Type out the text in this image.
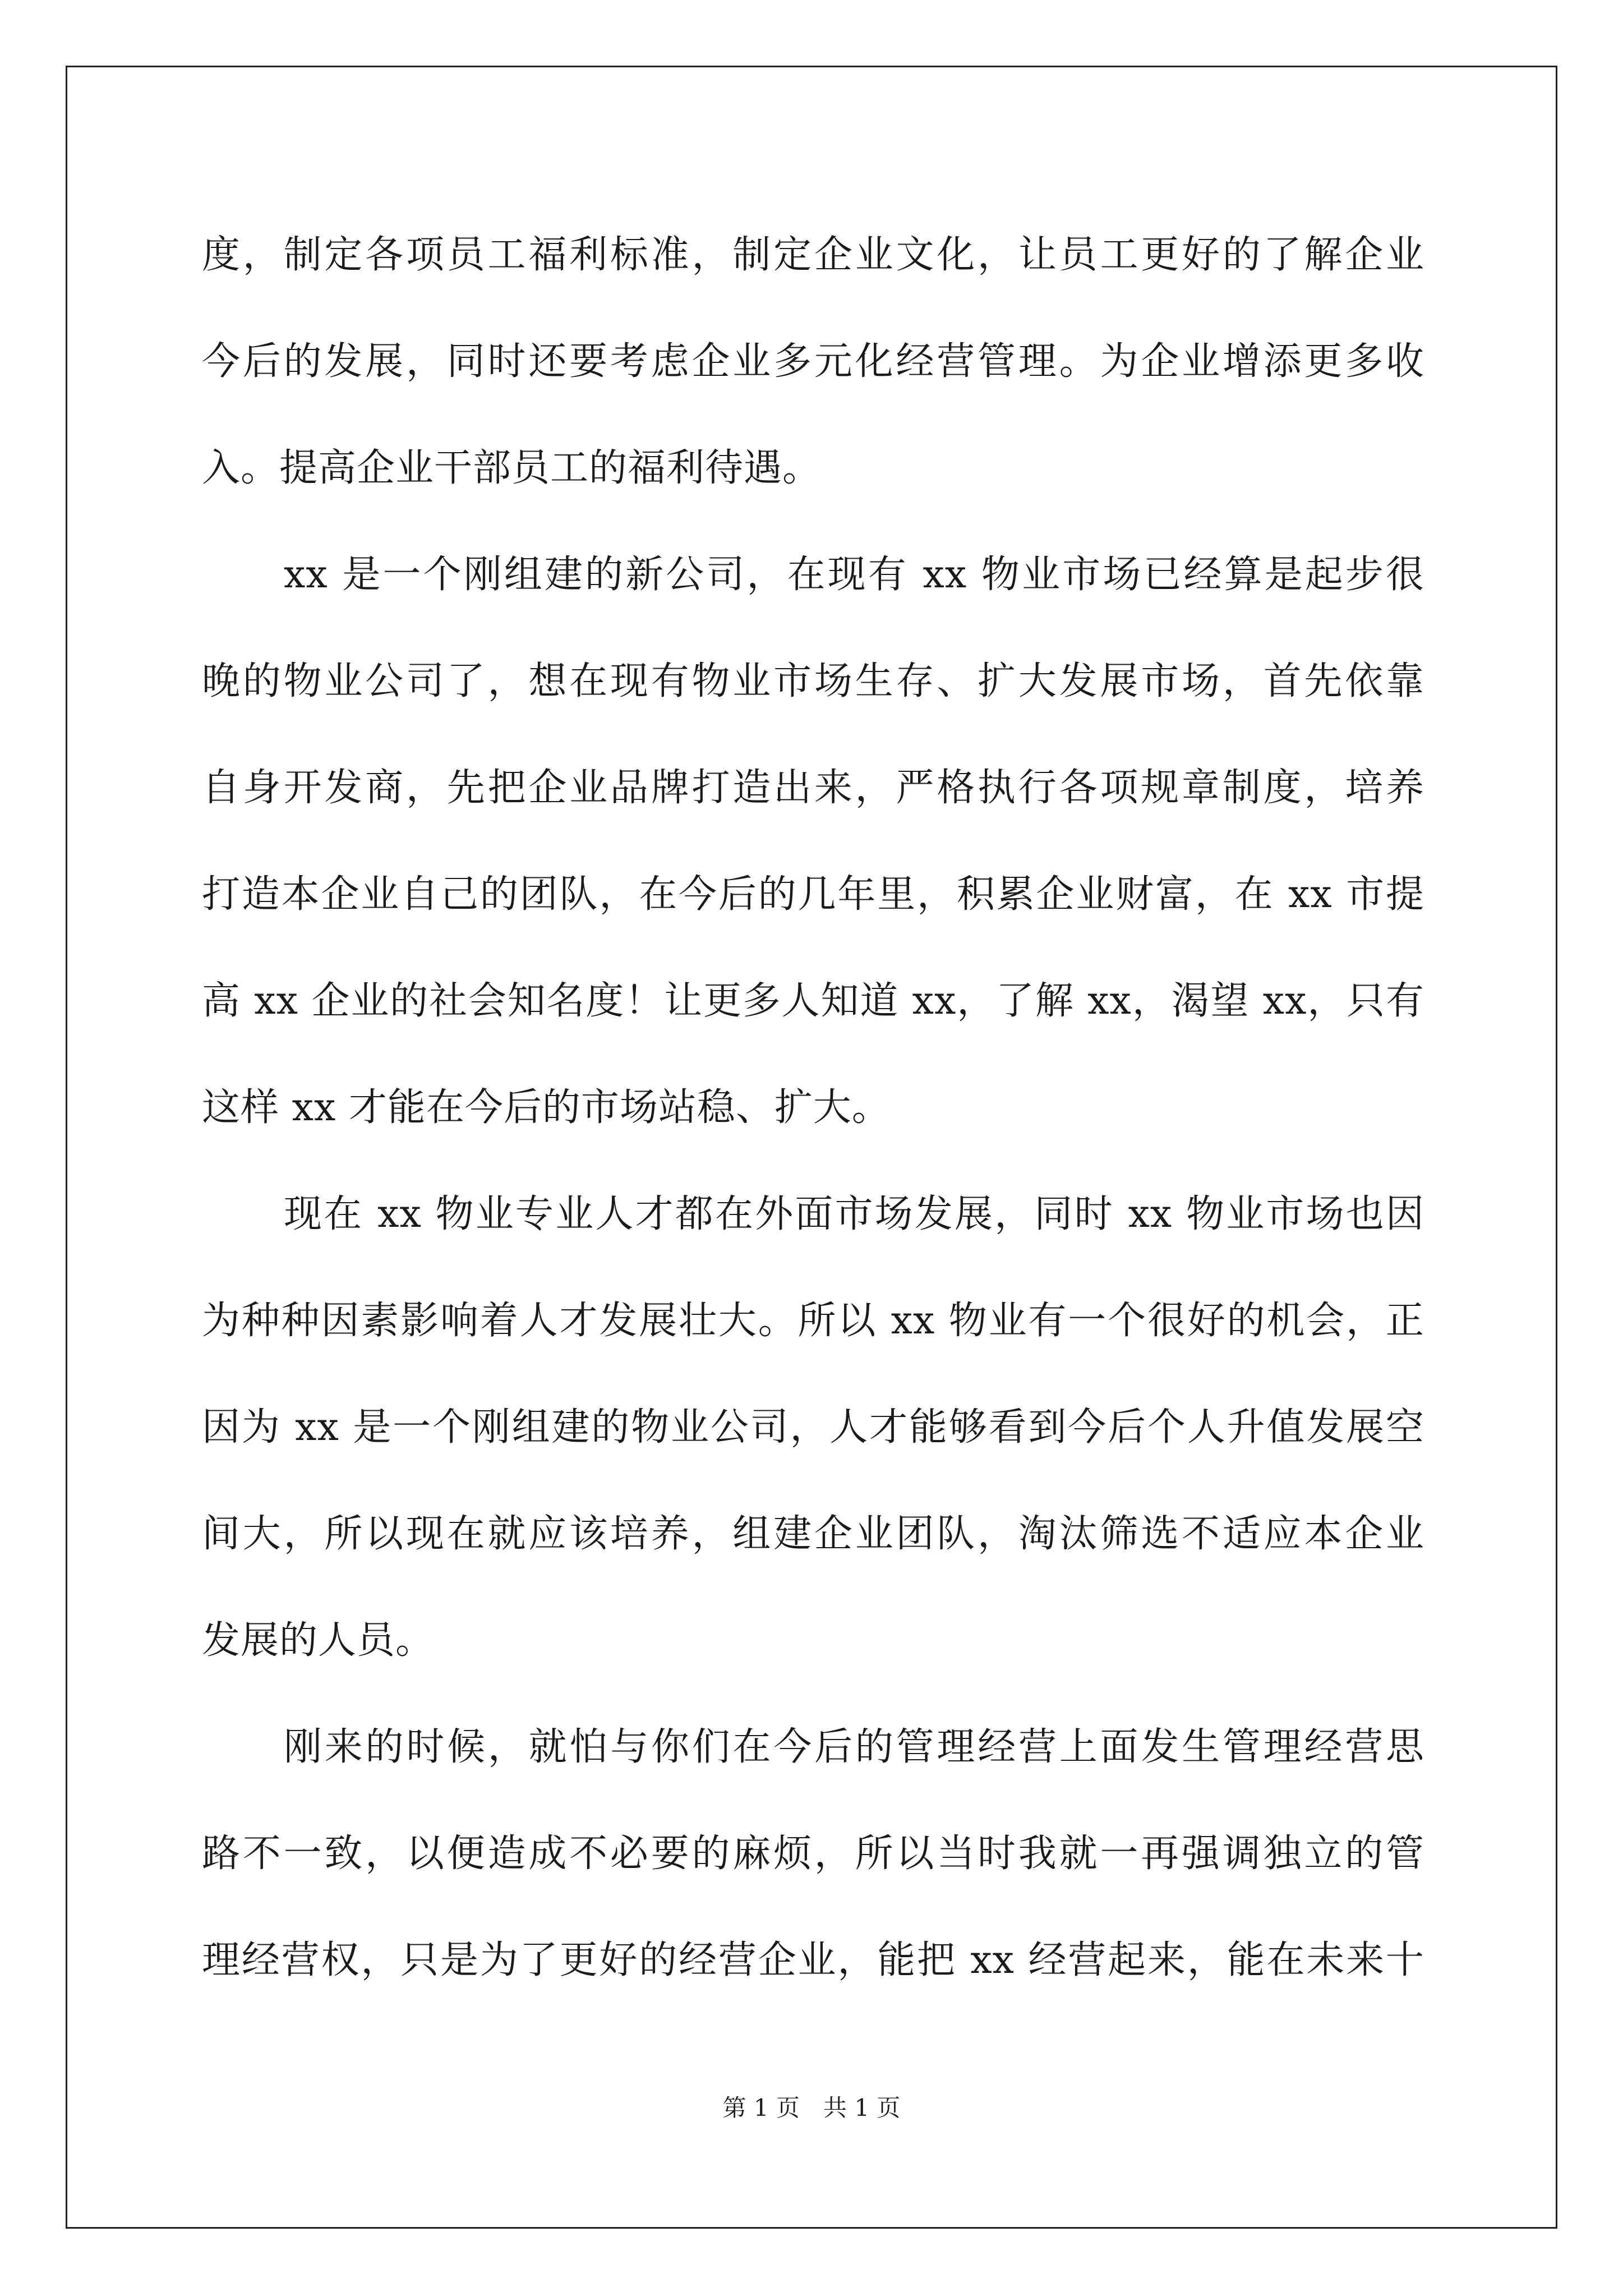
度，制定各项员工福利标准，制定企业文化，让员工更好的了解企业
今后的发展，同时还要考虑企业多元化经营管理。为企业增添更多收
入。提高企业干部员工的福利待遇。
xx 是一个刚组建的新公司，在现有 xx 物业市场已经算是起步很
晚的物业公司了，想在现有物业市场生存、扩大发展市场，首先依靠
自身开发商，先把企业品牌打造出来，严格执行各项规章制度，培养
打造本企业自己的团队，在今后的几年里，积累企业财富，在 xx 市提
高 xx 企业的社会知名度！让更多人知道 xx，了解 xx，渴望 xx，只有
这样 xx 才能在今后的市场站稳、扩大。
现在 xx 物业专业人才都在外面市场发展，同时 xx 物业市场也因
为种种因素影响着人才发展壮大。所以 xx 物业有一个很好的机会，正
因为 xx 是一个刚组建的物业公司，人才能够看到今后个人升值发展空
间大，所以现在就应该培养，组建企业团队，淘汰筛选不适应本企业
发展的人员。
刚来的时候，就怕与你们在今后的管理经营上面发生管理经营思
路不一致，以便造成不必要的麻烦，所以当时我就一再强调独立的管
理经营权，只是为了更好的经营企业，能把 xx 经营起来，能在未来十
第 1 页　共 1 页
